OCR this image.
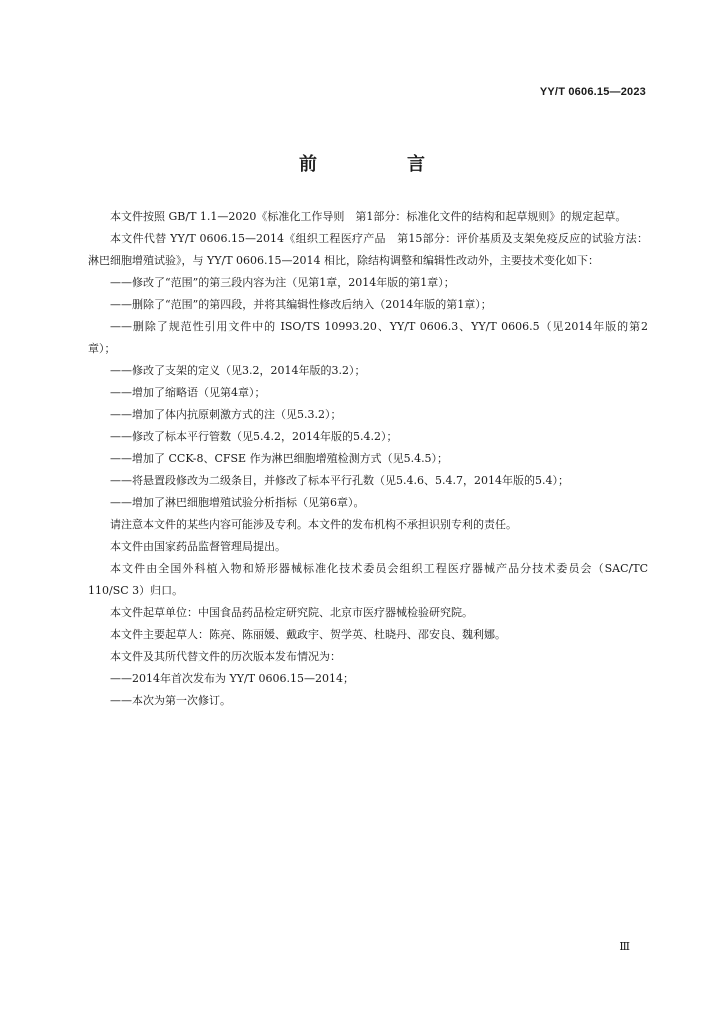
YY/T 0606.15—2023
前　言

本文件按照 GB/T 1.1—2020《标准化工作导则　第1部分：标准化文件的结构和起草规则》的规定起草。

本文件代替 YY/T 0606.15—2014《组织工程医疗产品　第15部分：评价基质及支架免疫反应的试验方法：淋巴细胞增殖试验》，与 YY/T 0606.15—2014 相比，除结构调整和编辑性改动外，主要技术变化如下：

——修改了“范围”的第三段内容为注（见第1章，2014年版的第1章）；

——删除了“范围”的第四段，并将其编辑性修改后纳入（2014年版的第1章）；

——删除了规范性引用文件中的 ISO/TS 10993.20、YY/T 0606.3、YY/T 0606.5（见2014年版的第2章）；

——修改了支架的定义（见3.2，2014年版的3.2）；

——增加了缩略语（见第4章）；

——增加了体内抗原刺激方式的注（见5.3.2）；

——修改了标本平行管数（见5.4.2，2014年版的5.4.2）；

——增加了 CCK-8、CFSE 作为淋巴细胞增殖检测方式（见5.4.5）；

——将悬置段修改为二级条目，并修改了标本平行孔数（见5.4.6、5.4.7，2014年版的5.4）；

——增加了淋巴细胞增殖试验分析指标（见第6章）。

请注意本文件的某些内容可能涉及专利。本文件的发布机构不承担识别专利的责任。

本文件由国家药品监督管理局提出。

本文件由全国外科植入物和矫形器械标准化技术委员会组织工程医疗器械产品分技术委员会（SAC/TC 110/SC 3）归口。

本文件起草单位：中国食品药品检定研究院、北京市医疗器械检验研究院。

本文件主要起草人：陈亮、陈丽媛、戴政宇、贺学英、杜晓丹、邵安良、魏利娜。

本文件及其所代替文件的历次版本发布情况为：

——2014年首次发布为 YY/T 0606.15—2014；

——本次为第一次修订。

Ⅲ
